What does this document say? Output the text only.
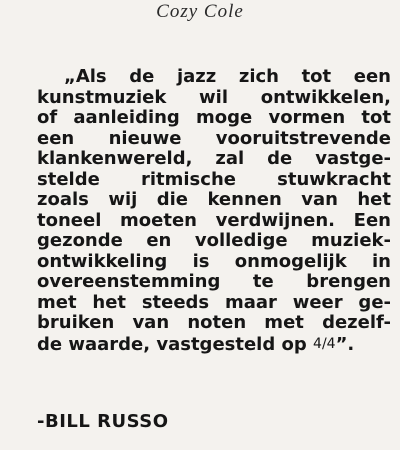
Cozy Cole
„Als de jazz zich tot een
kunstmuziek wil ontwikkelen,
of aanleiding moge vormen tot
een nieuwe vooruitstrevende
klankenwereld, zal de vastge-
stelde ritmische stuwkracht
zoals wij die kennen van het
toneel moeten verdwijnen. Een
gezonde en volledige muziek-
ontwikkeling is onmogelijk in
overeenstemming te brengen
met het steeds maar weer ge-
bruiken van noten met dezelf-
de waarde, vastgesteld op 4/4”.
-BILL RUSSO
